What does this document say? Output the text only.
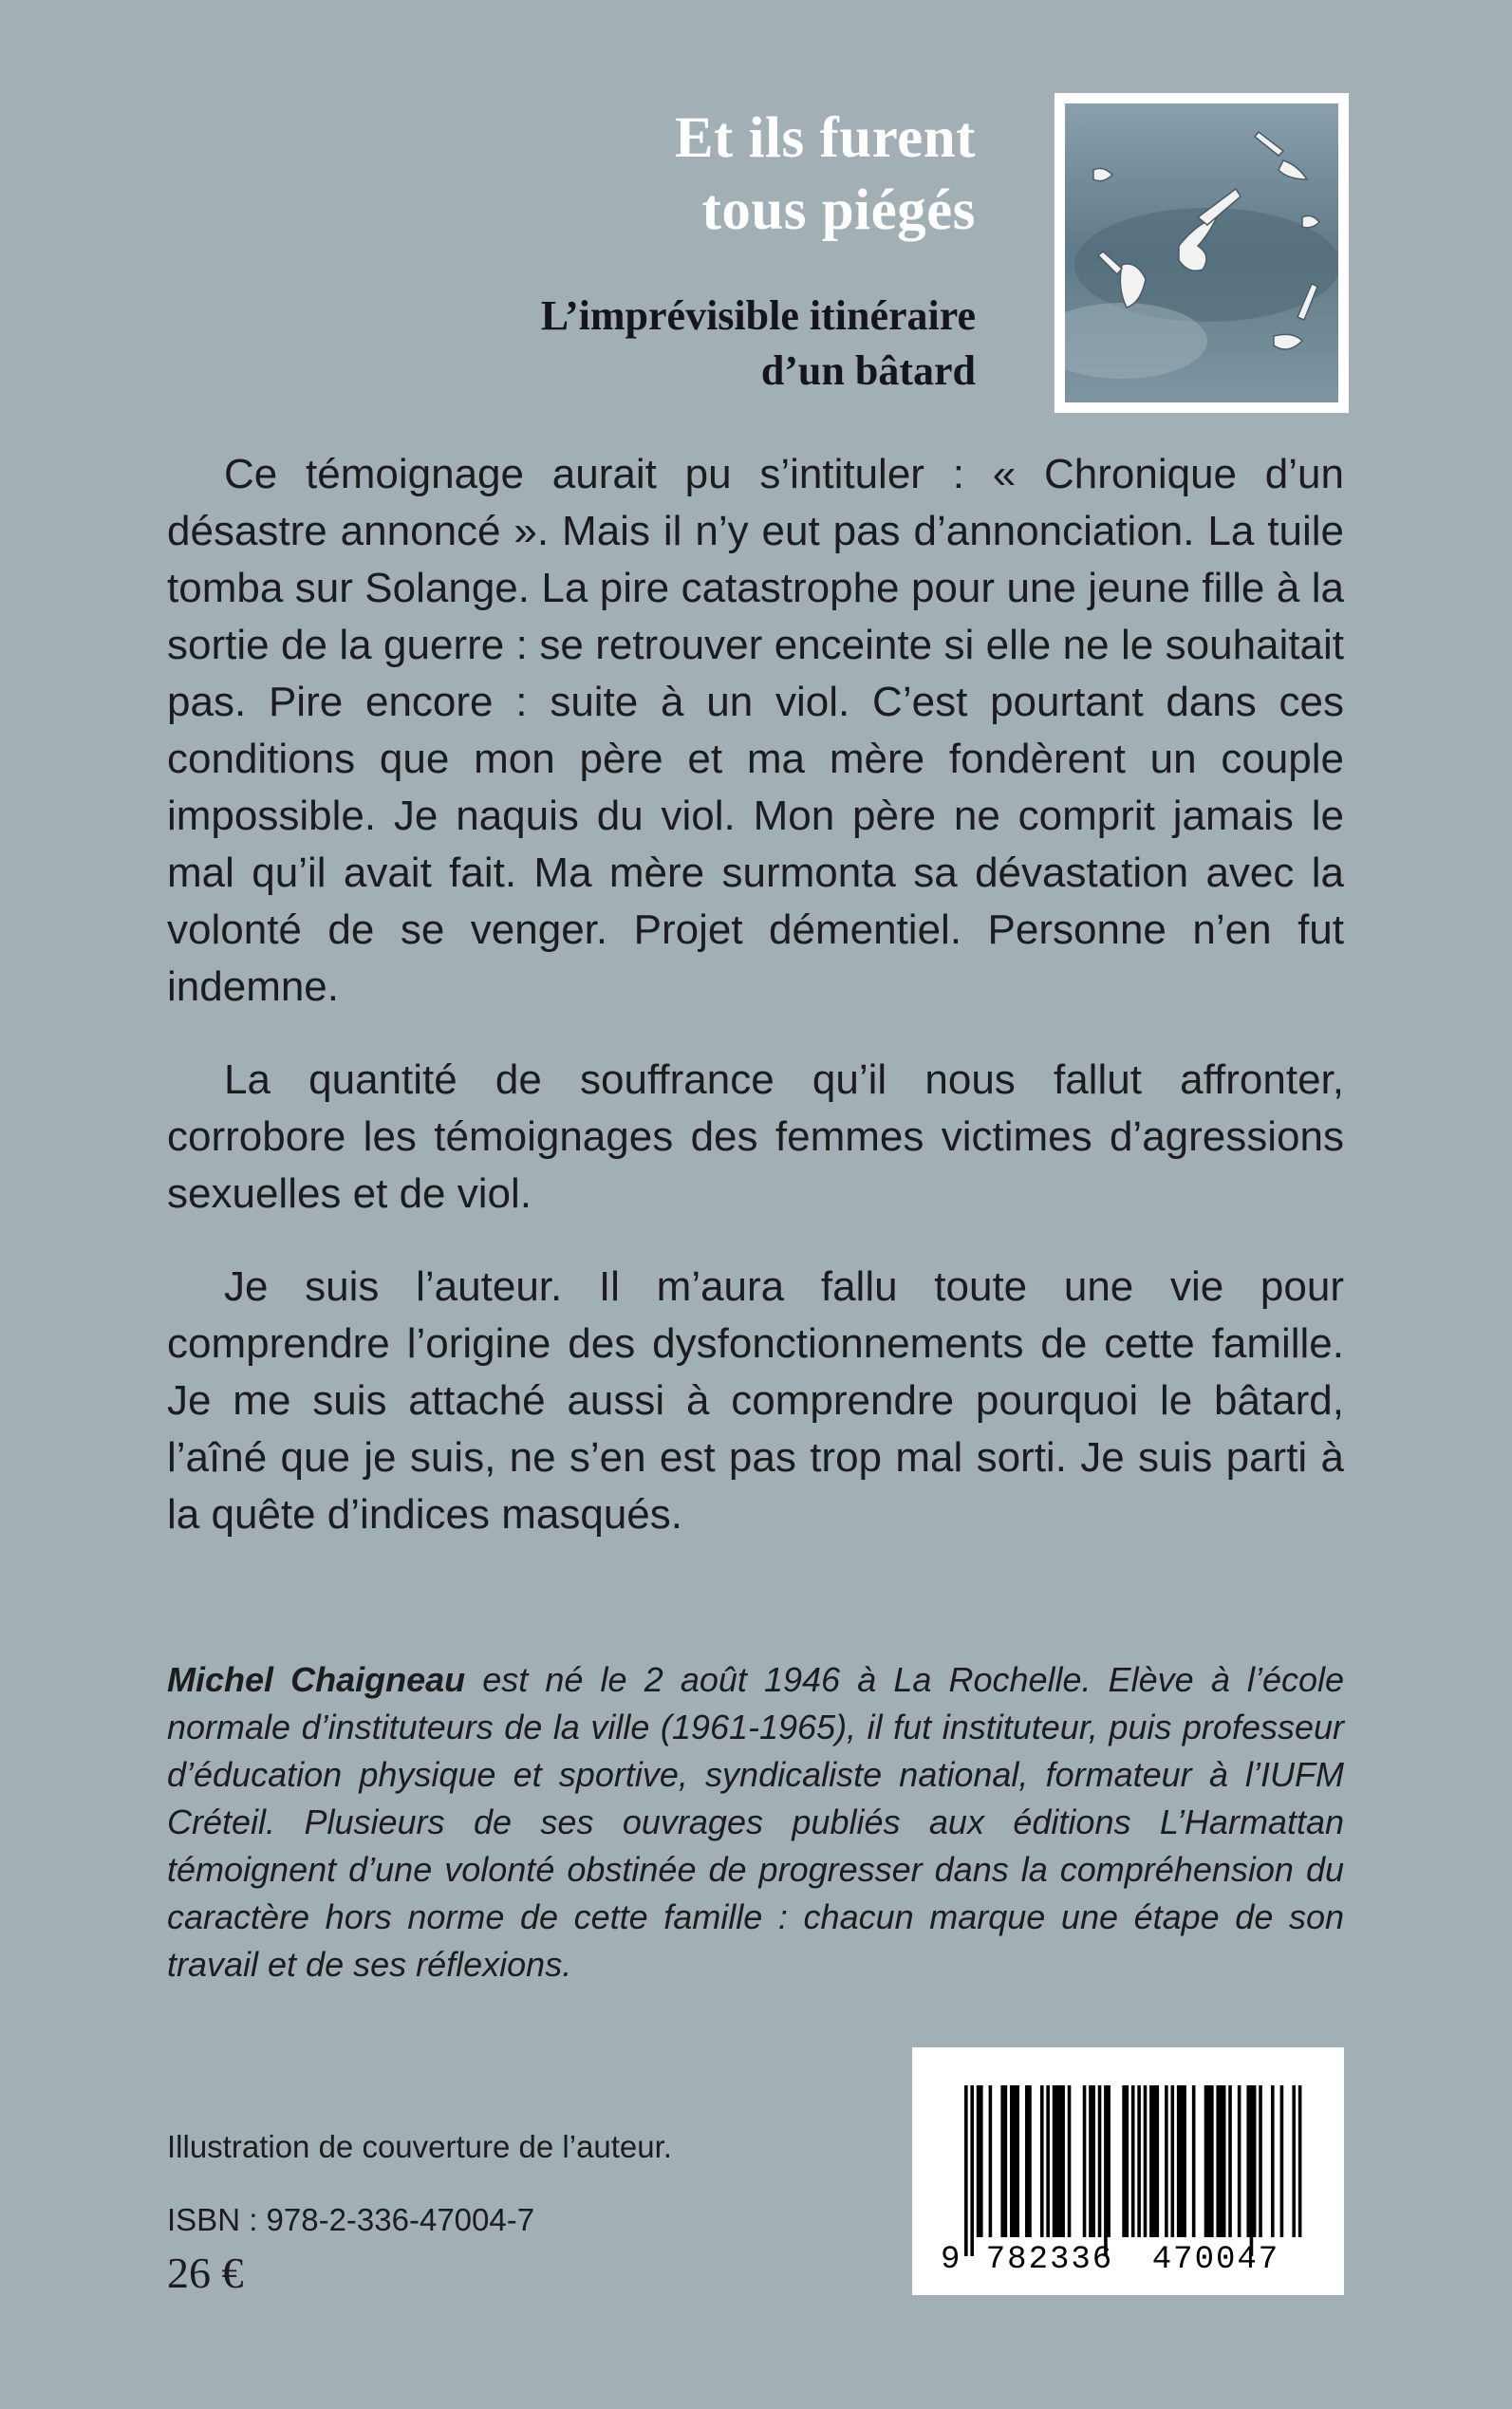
Et ils furent
tous piégés
L’imprévisible itinéraire
d’un bâtard

Ce témoignage aurait pu s’intituler : « Chronique d’un désastre annoncé ». Mais il n’y eut pas d’annonciation. La tuile tomba sur Solange. La pire catastrophe pour une jeune fille à la sortie de la guerre : se retrouver enceinte si elle ne le souhaitait pas. Pire encore : suite à un viol. C’est pourtant dans ces conditions que mon père et ma mère fondèrent un couple impossible. Je naquis du viol. Mon père ne comprit jamais le mal qu’il avait fait. Ma mère surmonta sa dévastation avec la volonté de se venger. Projet démentiel. Personne n’en fut indemne.

La quantité de souffrance qu’il nous fallut affronter, corrobore les témoignages des femmes victimes d’agressions sexuelles et de viol.

Je suis l’auteur. Il m’aura fallu toute une vie pour comprendre l’origine des dysfonctionnements de cette famille. Je me suis attaché aussi à comprendre pourquoi le bâtard, l’aîné que je suis, ne s’en est pas trop mal sorti. Je suis parti à la quête d’indices masqués.

Michel Chaigneau est né le 2 août 1946 à La Rochelle. Elève à l’école normale d’instituteurs de la ville (1961-1965), il fut instituteur, puis professeur d’éducation physique et sportive, syndicaliste national, formateur à l’IUFM Créteil. Plusieurs de ses ouvrages publiés aux éditions L’Harmattan témoignent d’une volonté obstinée de progresser dans la compréhension du caractère hors norme de cette famille : chacun marque une étape de son travail et de ses réflexions.
Illustration de couverture de l’auteur.
ISBN : 978-2-336-47004-7
26 €	9 782336 470047
